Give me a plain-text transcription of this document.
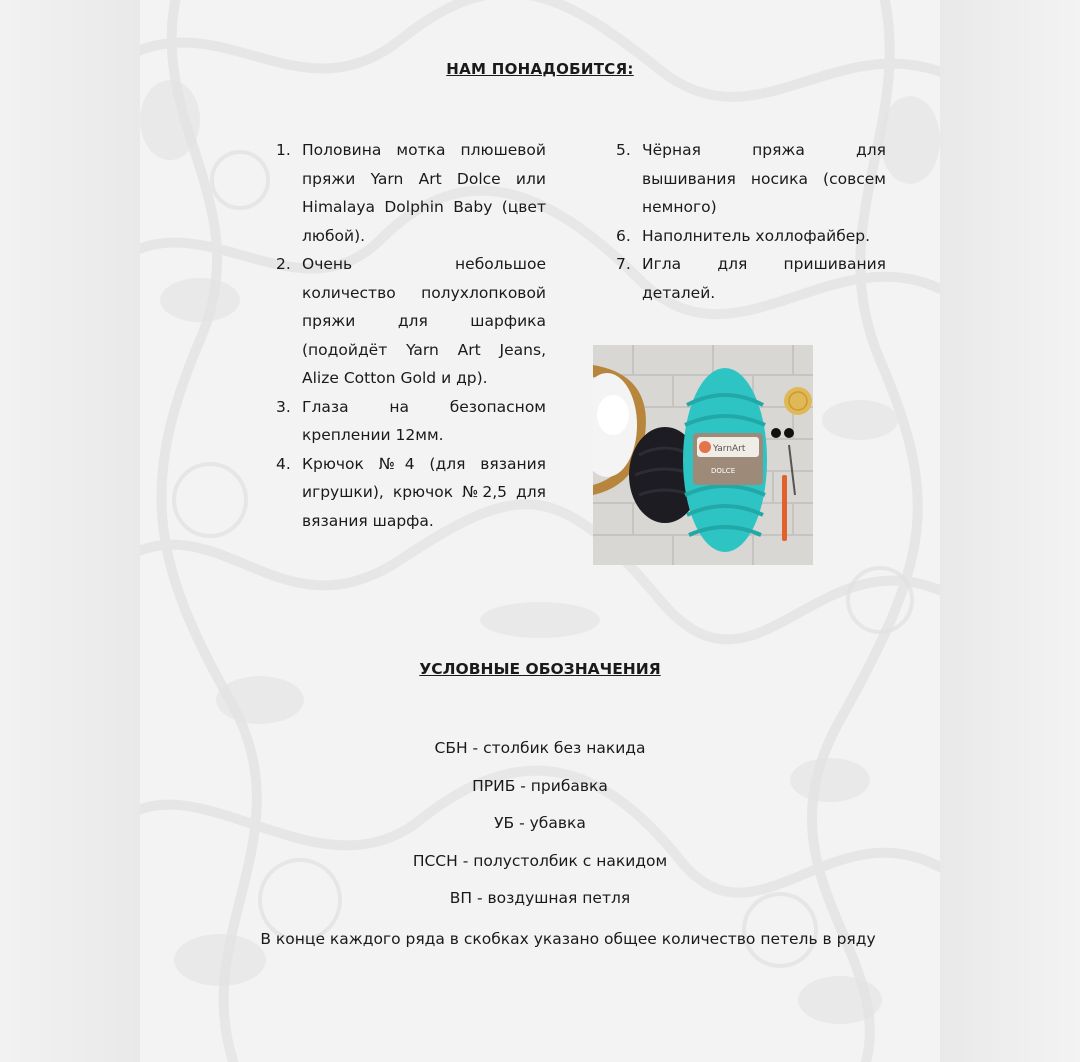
НАМ ПОНАДОБИТСЯ:
1. Половина мотка плюшевой пряжи Yarn Art Dolce или Himalaya Dolphin Baby (цвет любой).
2. Очень небольшое количество полухлопковой пряжи для шарфика (подойдёт Yarn Art Jeans, Alize Cotton Gold и др).
3. Глаза на безопасном креплении 12мм.
4. Крючок №4 (для вязания игрушки), крючок №2,5 для вязания шарфа.
5. Чёрная пряжа для вышивания носика (совсем немного)
6. Наполнитель холлофайбер.
7. Игла для пришивания деталей.
YarnArt
DOLCE
УСЛОВНЫЕ ОБОЗНАЧЕНИЯ
СБН - столбик без накида
ПРИБ - прибавка
УБ - убавка
ПССН - полустолбик с накидом
ВП - воздушная петля
В конце каждого ряда в скобках указано общее количество петель в ряду
